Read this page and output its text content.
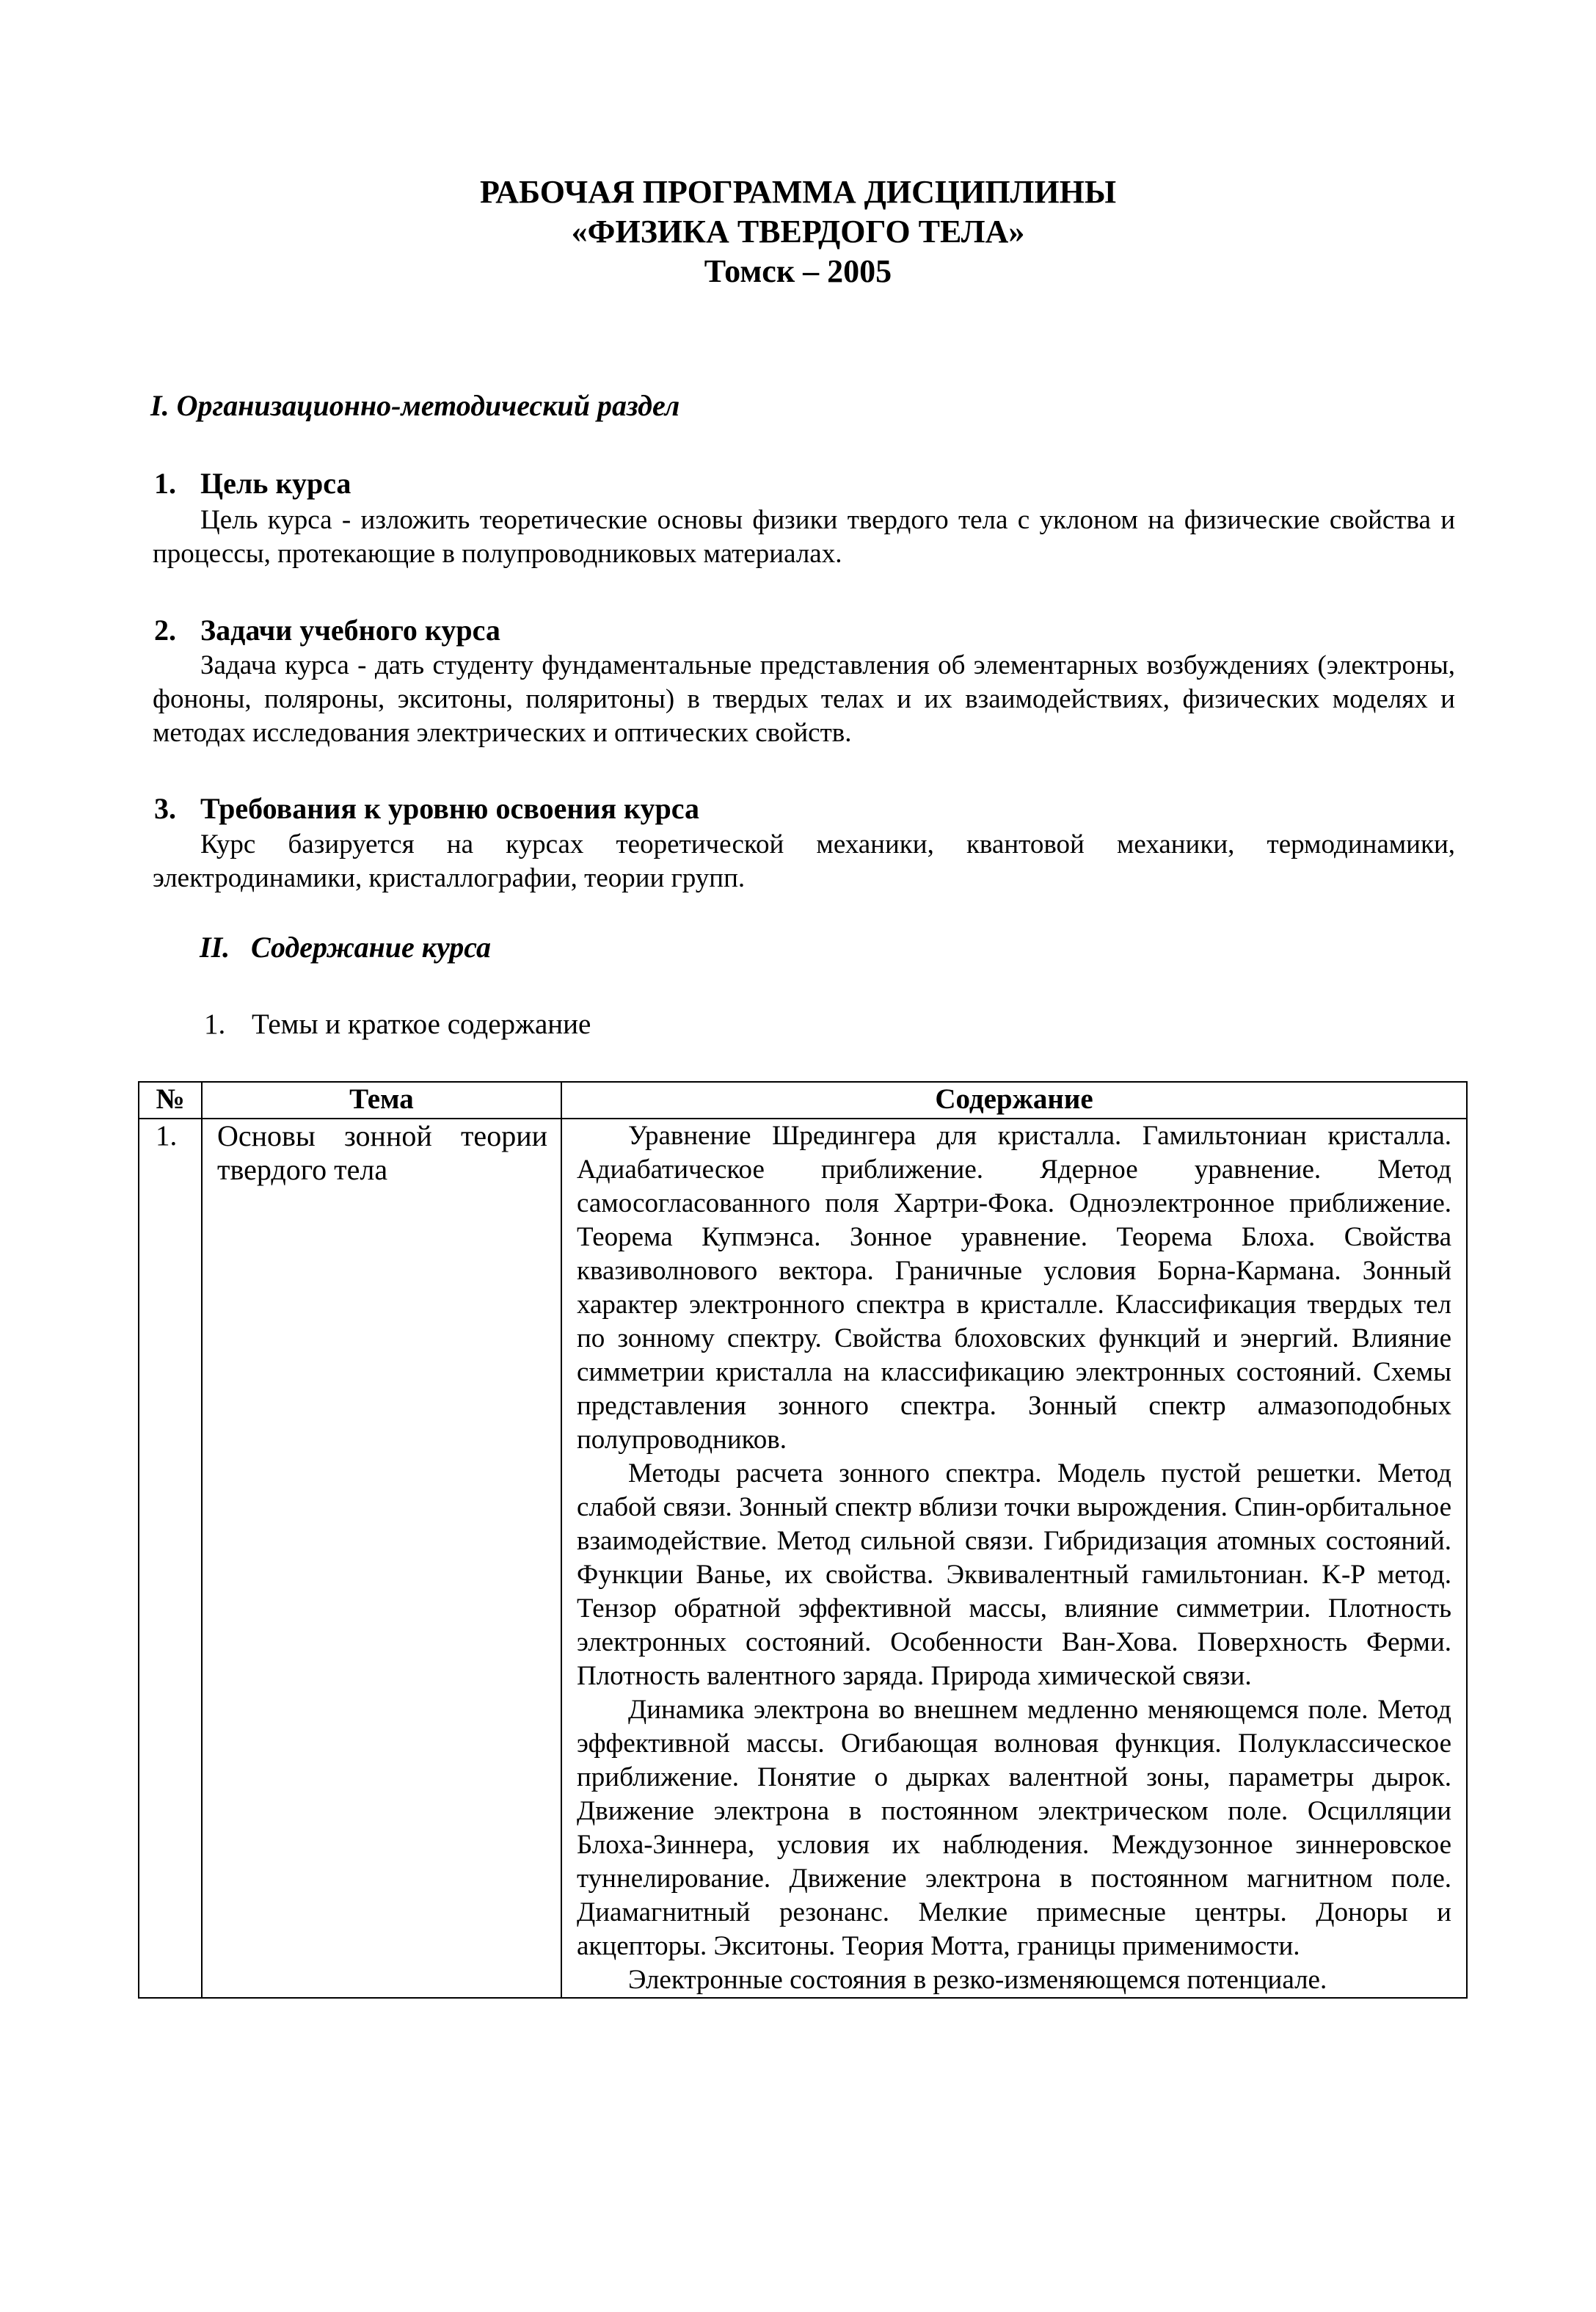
РАБОЧАЯ ПРОГРАММА ДИСЦИПЛИНЫ
«ФИЗИКА ТВЕРДОГО ТЕЛА»
Томск – 2005
I. Организационно-методический раздел
1. Цель курса
Цель курса - изложить теоретические основы физики твердого тела с уклоном на физические свойства и процессы, протекающие в полупроводниковых материалах.
2. Задачи учебного курса
Задача курса - дать студенту фундаментальные представления об элементарных возбуждениях (электроны, фононы, поляроны, экситоны, поляритоны) в твердых телах и их взаимодействиях, физических моделях и методах исследования электрических и оптических свойств.
3. Требования к уровню освоения курса
Курс базируется на курсах теоретической механики, квантовой механики, термодинамики, электродинамики, кристаллографии, теории групп.
II. Содержание курса
1. Темы и краткое содержание
№	Тема	Содержание
1.	Основы зонной теории твердого тела	Уравнение Шредингера для кристалла. Гамильтониан кристалла. Адиабатическое приближение. Ядерное уравнение. Метод самосогласованного поля Хартри-Фока. Одноэлектронное приближение. Теорема Купмэнса. Зонное уравнение. Теорема Блоха. Свойства квазиволнового вектора. Граничные условия Борна-Кармана. Зонный характер электронного спектра в кристалле. Классификация твердых тел по зонному спектру. Свойства блоховских функций и энергий. Влияние симметрии кристалла на классификацию электронных состояний. Схемы представления зонного спектра. Зонный спектр алмазоподобных полупроводников.
Методы расчета зонного спектра. Модель пустой решетки. Метод слабой связи. Зонный спектр вблизи точки вырождения. Спин-орбитальное взаимодействие. Метод сильной связи. Гибридизация атомных состояний. Функции Ванье, их свойства. Эквивалентный гамильтониан. K-P метод. Тензор обратной эффективной массы, влияние симметрии. Плотность электронных состояний. Особенности Ван-Хова. Поверхность Ферми. Плотность валентного заряда. Природа химической связи.
Динамика электрона во внешнем медленно меняющемся поле. Метод эффективной массы. Огибающая волновая функция. Полуклассическое приближение. Понятие о дырках валентной зоны, параметры дырок. Движение электрона в постоянном электрическом поле. Осцилляции Блоха-Зиннера, условия их наблюдения. Междузонное зиннеровское туннелирование. Движение электрона в постоянном магнитном поле. Диамагнитный резонанс. Мелкие примесные центры. Доноры и акцепторы. Экситоны. Теория Мотта, границы применимости.
Электронные состояния в резко-изменяющемся потенциале.
